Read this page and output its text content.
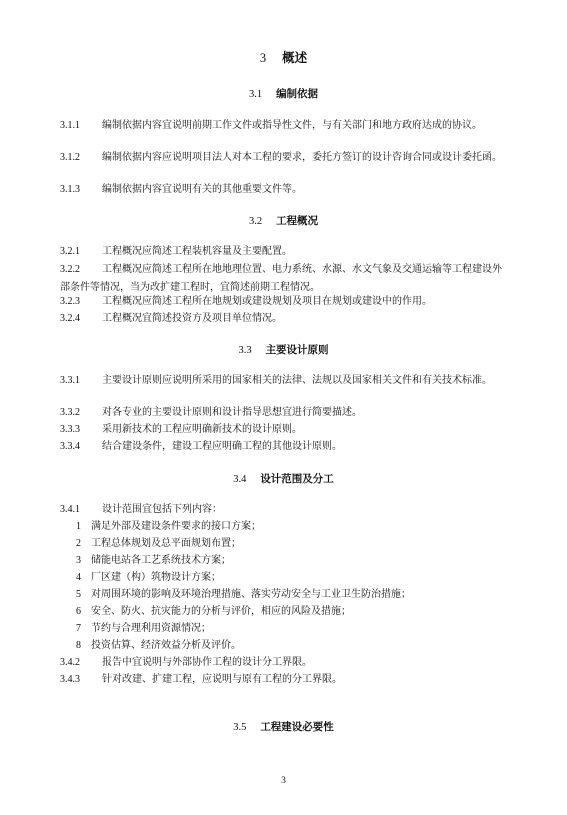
3 概述
3.1 编制依据
3.1.1 编制依据内容宜说明前期工作文件或指导性文件，与有关部门和地方政府达成的协议。
3.1.2 编制依据内容应说明项目法人对本工程的要求，委托方签订的设计咨询合同或设计委托函。
3.1.3 编制依据内容宜说明有关的其他重要文件等。
3.2 工程概况
3.2.1 工程概况应简述工程装机容量及主要配置。
3.2.2 工程概况应简述工程所在地地理位置、电力系统、水源、水文气象及交通运输等工程建设外部条件等情况，当为改扩建工程时，宜简述前期工程情况。
3.2.3 工程概况应简述工程所在地规划或建设规划及项目在规划或建设中的作用。
3.2.4 工程概况宜简述投资方及项目单位情况。
3.3 主要设计原则
3.3.1 主要设计原则应说明所采用的国家相关的法律、法规以及国家相关文件和有关技术标准。
3.3.2 对各专业的主要设计原则和设计指导思想宜进行简要描述。
3.3.3 采用新技术的工程应明确新技术的设计原则。
3.3.4 结合建设条件，建设工程应明确工程的其他设计原则。
3.4 设计范围及分工
3.4.1 设计范围宜包括下列内容：
1 满足外部及建设条件要求的接口方案；
2 工程总体规划及总平面规划布置；
3 储能电站各工艺系统技术方案；
4 厂区建（构）筑物设计方案；
5 对周围环境的影响及环境治理措施、落实劳动安全与工业卫生防治措施；
6 安全、防火、抗灾能力的分析与评价，相应的风险及措施；
7 节约与合理利用资源情况；
8 投资估算、经济效益分析及评价。
3.4.2 报告中宜说明与外部协作工程的设计分工界限。
3.4.3 针对改建、扩建工程，应说明与原有工程的分工界限。
3.5 工程建设必要性
3
